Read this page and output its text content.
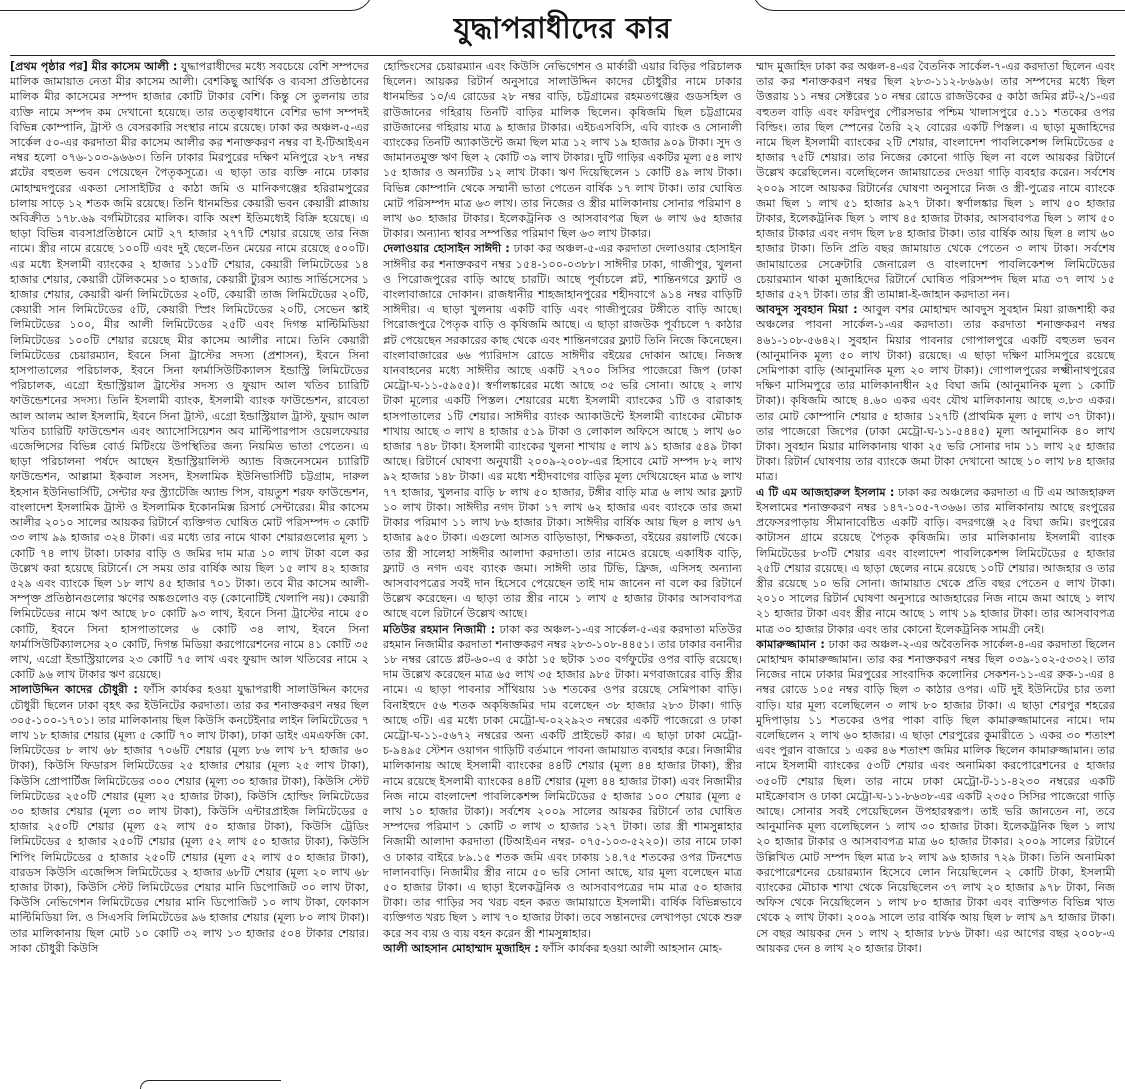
যুদ্ধাপরাধীদের কার

[প্রথম পৃষ্ঠার পর] মীর কাসেম আলী : যুদ্ধাপরাধীদের মধ্যে সবচেয়ে বেশি সম্পদের মালিক জামায়াত নেতা মীর কাসেম আলী। বেশকিছু আর্থিক ও ব্যবসা প্রতিষ্ঠানের মালিক মীর কাসেমের সম্পদ হাজার কোটি টাকার বেশি। কিন্তু সে তুলনায় তার ব্যক্তি নামে সম্পদ কম দেখানো হয়েছে। তার তত্ত্বাবধানে বেশির ভাগ সম্পদই বিভিন্ন কোম্পানি, ট্রাস্ট ও বেসরকারি সংস্থার নামে রয়েছে। ঢাকা কর অঞ্চল-৫-এর সার্কেল ৫০-এর করদাতা মীর কাসেম আলীর কর শনাক্তকরণ নম্বর বা ই-টিআইএন নম্বর হলো ০৭৬-১০৩-৯৬৬৩। তিনি ঢাকার মিরপুরের দক্ষিণ মনিপুরে ২৮৭ নম্বর প্লটের বহুতল ভবন পেয়েছেন পৈতৃকসূত্রে। এ ছাড়া তার ব্যক্তি নামে ঢাকার মোহাম্মদপুরের একতা সোসাইটির ৫ কাঠা জমি ও মানিকগঞ্জের হরিরামপুরের চালায় সাড়ে ১২ শতক জমি রয়েছে। তিনি ধানমন্ডির কেয়ারী ভবন কেয়ারী প্লাজায় অবিক্রীত ১৭৮.৬৯ বর্গমিটারের মালিক। বাকি অংশ ইতিমধ্যেই বিক্রি হয়েছে। এ ছাড়া বিভিন্ন ব্যবসাপ্রতিষ্ঠানে মোট ২৭ হাজার ২৭৭টি শেয়ার রয়েছে তার নিজ নামে। স্ত্রীর নামে রয়েছে ১০০টি এবং দুই ছেলে-তিন মেয়ের নামে রয়েছে ৫০০টি। এর মধ্যে ইসলামী ব্যাংকের ২ হাজার ১১৫টি শেয়ার, কেয়ারী লিমিটেডের ১৪ হাজার শেয়ার, কেয়ারী টেলিকমের ১০ হাজার, কেয়ারী ট্যুরস অ্যান্ড সার্ভিসেসের ১ হাজার শেয়ার, কেয়ারী ঝর্না লিমিটেডের ২০টি, কেয়ারী তাজ লিমিটেডের ২০টি, কেয়ারী সান লিমিটেডের ৫টি, কেয়ারী স্প্রিং লিমিটেডের ২০টি, সেভেন স্কাই লিমিটেডের ১০০, মীর আলী লিমিটেডের ২৫টি এবং দিগন্ত মাল্টিমিডিয়া লিমিটেডের ১০০টি শেয়ার রয়েছে মীর কাসেম আলীর নামে। তিনি কেয়ারী লিমিটেডের চেয়ারম্যান, ইবনে সিনা ট্রাস্টের সদস্য (প্রশাসন), ইবনে সিনা হাসপাতালের পরিচালক, ইবনে সিনা ফার্মাসিউটিক্যালস ইন্ডাস্ট্রি লিমিটেডের পরিচালক, এগ্রো ইন্ডাস্ট্রিয়াল ট্রাস্টের সদস্য ও ফুয়াদ আল খতিব চ্যারিটি ফাউন্ডেশনের সদস্য। তিনি ইসলামী ব্যাংক, ইসলামী ব্যাংক ফাউন্ডেশন, রাবেতা আল আলম আল ইসলামি, ইবনে সিনা ট্রাস্ট, এগ্রো ইন্ডাস্ট্রিয়াল ট্রাস্ট, ফুয়াদ আল খতিব চ্যারিটি ফাউন্ডেশন এবং অ্যাসোসিয়েশন অব মাল্টিপারপাস ওয়েলফেয়ার এজেন্সিসের বিভিন্ন বোর্ড মিটিংয়ে উপস্থিতির জন্য নিয়মিত ভাতা পেতেন। এ ছাড়া পরিচালনা পর্ষদে আছেন ইন্ডাস্ট্রিয়ালিস্ট অ্যান্ড বিজনেসমেন চ্যারিটি ফাউন্ডেশন, আল্লামা ইকবাল সংসদ, ইসলামিক ইউনিভার্সিটি চট্টগ্রাম, দারুল ইহসান ইউনিভার্সিটি, সেন্টার ফর স্ট্র্যাটেজি অ্যান্ড পিস, বায়তুশ শরফ ফাউন্ডেশন, বাংলাদেশ ইসলামিক ট্রাস্ট ও ইসলামিক ইকোনমিক্স রিসার্চ সেন্টারের। মীর কাসেম আলীর ২০১০ সালের আয়কর রিটার্নে ব্যক্তিগত ঘোষিত মোট পরিসম্পদ ৩ কোটি ৩৩ লাখ ৯৯ হাজার ৩২৪ টাকা। এর মধ্যে তার নামে থাকা শেয়ারগুলোর মূল্য ১ কোটি ৭৪ লাখ টাকা। ঢাকার বাড়ি ও জমির দাম মাত্র ১০ লাখ টাকা বলে কর উল্লেখ করা হয়েছে রিটার্নে। সে সময় তার বার্ষিক আয় ছিল ১৫ লাখ ৪২ হাজার ৫২৯ এবং ব্যাংকে ছিল ১৮ লাখ ৪৫ হাজার ৭০১ টাকা। তবে মীর কাসেম আলী-সম্পৃক্ত প্রতিষ্ঠানগুলোর ঋণের অঙ্কগুলোও বড় (কোনোটিই খেলাপি নয়)। কেয়ারী লিমিটেডের নামে ঋণ আছে ৮০ কোটি ৯৩ লাখ, ইবনে সিনা ট্রাস্টের নামে ৫০ কোটি, ইবনে সিনা হাসপাতালের ৬ কোটি ৩৪ লাখ, ইবনে সিনা ফার্মাসিউটিক্যালসের ২০ কোটি, দিগন্ত মিডিয়া করপোরেশনের নামে ৪১ কোটি ৩৫ লাখ, এগ্রো ইন্ডাস্ট্রিয়ালের ২৩ কোটি ৭৫ লাখ এবং ফুয়াদ আল খতিবের নামে ২ কোটি ৯৬ লাখ টাকার ঋণ রয়েছে।

সালাউদ্দিন কাদের চৌধুরী : ফাঁসি কার্যকর হওয়া যুদ্ধাপরাধী সালাউদ্দিন কাদের চৌধুরী ছিলেন ঢাকা বৃহৎ কর ইউনিটের করদাতা। তার কর শনাক্তকরণ নম্বর ছিল ৩০৫-১০০-১৭০১। তার মালিকানায় ছিল কিউসি কনটেইনার লাইন লিমিটেডের ৭ লাখ ১৮ হাজার শেয়ার (মূল্য ৫ কোটি ৭০ লাখ টাকা), ঢাকা ডাইং এমএফজি কো. লিমিটেডের ৮ লাখ ৬৮ হাজার ৭০৬টি শেয়ার (মূল্য ৮৬ লাখ ৮৭ হাজার ৬০ টাকা), কিউসি ফিডারস লিমিটেডের ২৫ হাজার শেয়ার (মূল্য ২৫ লাখ টাকা), কিউসি প্রোপার্টিজ লিমিটেডের ৩০০ শেয়ার (মূল্য ৩০ হাজার টাকা), কিউসি স্টেট লিমিটেডের ২৫০টি শেয়ার (মূল্য ২৫ হাজার টাকা), কিউসি হোল্ডিং লিমিটেডের ৩০ হাজার শেয়ার (মূল্য ৩০ লাখ টাকা), কিউসি এন্টারপ্রাইজ লিমিটেডের ৫ হাজার ২৫০টি শেয়ার (মূল্য ৫২ লাখ ৫০ হাজার টাকা), কিউসি ট্রেডিং লিমিটেডের ৫ হাজার ২৫০টি শেয়ার (মূল্য ৫২ লাখ ৫০ হাজার টাকা), কিউসি শিপিং লিমিটেডের ৫ হাজার ২৫০টি শেয়ার (মূল্য ৫২ লাখ ৫০ হাজার টাকা), বারডস কিউসি এজেন্সিস লিমিটেডের ২ হাজার ৬৮টি শেয়ার (মূল্য ২০ লাখ ৬৮ হাজার টাকা), কিউসি স্টেট লিমিটেডের শেয়ার মানি ডিপোজিট ৩০ লাখ টাকা, কিউসি নেভিগেশন লিমিটেডের শেয়ার মানি ডিপোজিট ১০ লাখ টাকা, ফোকাস মাল্টিমিডিয়া লি. ও সিএসবি লিমিটেডের ৯৬ হাজার শেয়ার (মূল্য ৮০ লাখ টাকা)। তার মালিকানায় ছিল মোট ১০ কোটি ৩২ লাখ ১৩ হাজার ৫০৪ টাকার শেয়ার। সাকা চৌধুরী কিউসি

হোল্ডিংসের চেয়ারম্যান এবং কিউসি নেভিগেশন ও মার্কারী এয়ার বিড়ির পরিচালক ছিলেন। আয়কর রিটার্ন অনুসারে সালাউদ্দিন কাদের চৌধুরীর নামে ঢাকার ধানমন্ডির ১০/এ রোডের ২৮ নম্বর বাড়ি, চট্টগ্রামের রহমতগঞ্জের গুডসহিল ও রাউজানের গহিরায় তিনটি বাড়ির মালিক ছিলেন। কৃষিজমি ছিল চট্টগ্রামের রাউজানের গহিরায় মাত্র ৯ হাজার টাকার। এইচএসবিসি, এবি ব্যাংক ও সোনালী ব্যাংকের তিনটি অ্যাকাউন্টে জমা ছিল মাত্র ১২ লাখ ১৯ হাজার ৯০৯ টাকা। সুদ ও জামানতমুক্ত ঋণ ছিল ২ কোটি ৩৯ লাখ টাকার। দুটি গাড়ির একটির মূল্য ৫৪ লাখ ১৫ হাজার ও অন্যটির ১২ লাখ টাকা। ঋণ দিয়েছিলেন ১ কোটি ৪৯ লাখ টাকা। বিভিন্ন কোম্পানি থেকে সম্মানী ভাতা পেতেন বার্ষিক ১৭ লাখ টাকা। তার ঘোষিত মোট পরিসম্পদ মাত্র ৬৩ লাখ। তার নিজের ও স্ত্রীর মালিকানায় সোনার পরিমাণ ৪ লাখ ৬০ হাজার টাকার। ইলেকট্রনিক ও আসবাবপত্র ছিল ৬ লাখ ৬৫ হাজার টাকার। অন্যান্য স্থাবর সম্পত্তির পরিমাণ ছিল ৬৩ লাখ টাকার।

দেলাওয়ার হোসাইন সাঈদী : ঢাকা কর অঞ্চল-৫-এর করদাতা দেলাওয়ার হোসাইন সাঈদীর কর শনাক্তকরণ নম্বর ১৫৪-১০০-০৩৮৮। সাঈদীর ঢাকা, গাজীপুর, খুলনা ও পিরোজপুরের বাড়ি আছে চারটি। আছে পূর্বাচলে প্লট, শান্তিনগরে ফ্ল্যাট ও বাংলাবাজারে দোকান। রাজধানীর শাহজাহানপুরের শহীদবাগে ৯১৪ নম্বর বাড়িটি সাঈদীর। এ ছাড়া খুলনায় একটি বাড়ি এবং গাজীপুরের টঙ্গীতে বাড়ি আছে। পিরোজপুরে পৈতৃক বাড়ি ও কৃষিজমি আছে। এ ছাড়া রাজউক পূর্বাচলে ৭ কাঠার প্লট পেয়েছেন সরকারের কাছ থেকে এবং শান্তিনগরের ফ্ল্যাট তিনি নিজে কিনেছেন। বাংলাবাজারের ৬৬ প্যারিদাস রোডে সাঈদীর বইয়ের দোকান আছে। নিজস্ব যানবাহনের মধ্যে সাঈদীর আছে একটি ২৭০০ সিসির পাজেরো জিপ (ঢাকা মেট্রো-ঘ-১১-৫৯৫৫)। স্বর্ণালঙ্কারের মধ্যে আছে ৩৫ ভরি সোনা। আছে ২ লাখ টাকা মূল্যের একটি পিস্তল। শেয়ারের মধ্যে ইসলামী ব্যাংকের ১টি ও বারাকাহ হাসপাতালের ১টি শেয়ার। সাঈদীর ব্যাংক অ্যাকাউন্টে ইসলামী ব্যাংকের মৌচাক শাখায় আছে ৩ লাখ ৪ হাজার ৫১৯ টাকা ও লোকাল অফিসে আছে ১ লাখ ৬০ হাজার ৭৪৮ টাকা। ইসলামী ব্যাংকের খুলনা শাখায় ৫ লাখ ৯১ হাজার ৫৪৯ টাকা আছে। রিটার্নে ঘোষণা অনুযায়ী ২০০৯-২০০৮-এর হিসাবে মোট সম্পদ ৮২ লাখ ৯২ হাজার ১৪৮ টাকা। এর মধ্যে শহীদবাগের বাড়ির মূল্য দেখিয়েছেন মাত্র ৬ লাখ ৭৭ হাজার, খুলনার বাড়ি ৮ লাখ ৫০ হাজার, টঙ্গীর বাড়ি মাত্র ৬ লাখ আর ফ্ল্যাট ১০ লাখ টাকা। সাঈদীর নগদ টাকা ১৭ লাখ ৬২ হাজার এবং ব্যাংকে তার জমা টাকার পরিমাণ ১১ লাখ ৮৬ হাজার টাকা। সাঈদীর বার্ষিক আয় ছিল ৪ লাখ ৬৭ হাজার ৯৫০ টাকা। এগুলো আসত বাড়িভাড়া, শিক্ষকতা, বইয়ের রয়ালটি থেকে। তার স্ত্রী সালেহা সাঈদীর আলাদা করদাতা। তার নামেও রয়েছে একাধিক বাড়ি, ফ্ল্যাট ও নগদ এবং ব্যাংক জমা। সাঈদী তার টিভি, ফ্রিজ, এসিসহ অন্যান্য আসবাবপত্রের সবই দান হিসেবে পেয়েছেন তাই দাম জানেন না বলে কর রিটার্নে উল্লেখ করেছেন। এ ছাড়া তার স্ত্রীর নামে ১ লাখ ৫ হাজার টাকার আসবাবপত্র আছে বলে রিটার্নে উল্লেখ আছে।

মতিউর রহমান নিজামী : ঢাকা কর অঞ্চল-১-এর সার্কেল-৫-এর করদাতা মতিউর রহমান নিজামীর করদাতা শনাক্তকরণ নম্বর ২৮৩-১০৮-৪৪৫১। তার ঢাকার বনানীর ১৮ নম্বর রোডে প্লট-৬০-এ ৫ কাঠা ১৫ ছটাক ১৩০ বর্গফুটের ওপর বাড়ি রয়েছে। দাম উল্লেখ করেছেন মাত্র ৬৫ লাখ ৩৫ হাজার ৯৮৫ টাকা। মগবাজারের বাড়ি স্ত্রীর নামে। এ ছাড়া পাবনার সাঁথিয়ায় ১৬ শতকের ওপর রয়েছে সেমিপাকা বাড়ি। বিনাইহুদে ৫৬ শতক অকৃষিজমির দাম বলেছেন ৩৮ হাজার ২৮৩ টাকা। গাড়ি আছে ৩টি। এর মধ্যে ঢাকা মেট্রো-ঘ-০২২৯২৩ নম্বরের একটি পাজেরো ও ঢাকা মেট্রো-ঘ-১১-৫৬৭২ নম্বরের অন্য একটি প্রাইভেট কার। এ ছাড়া ঢাকা মেট্রো-চ-৯৪৯৫ স্টেশন ওয়াগন গাড়িটি বর্তমানে পাবনা জামায়াত ব্যবহার করে। নিজামীর মালিকানায় আছে ইসলামী ব্যাংকের ৪৪টি শেয়ার (মূল্য ৪৪ হাজার টাকা), স্ত্রীর নামে রয়েছে ইসলামী ব্যাংকের ৪৪টি শেয়ার (মূল্য ৪৪ হাজার টাকা) এবং নিজামীর নিজ নামে বাংলাদেশ পাবলিকেশন্স লিমিটেডের ৫ হাজার ১০০ শেয়ার (মূল্য ৫ লাখ ১০ হাজার টাকা)। সর্বশেষ ২০০৯ সালের আয়কর রিটার্নে তার ঘোষিত সম্পদের পরিমাণ ১ কোটি ৩ লাখ ৩ হাজার ১২৭ টাকা। তার স্ত্রী শামসুন্নাহার নিজামী আলাদা করদাতা (টিআইএন নম্বর- ০৭৫-১০৩-৫২২০)। তার নামে ঢাকা ও ঢাকার বাইরে ৮৯.১৫ শতক জমি এবং ঢাকায় ১৪.৭৫ শতকের ওপর টিনশেড দালানবাড়ি। নিজামীর স্ত্রীর নামে ৫০ ভরি সোনা আছে, যার মূল্য বলেছেন মাত্র ৫০ হাজার টাকা। এ ছাড়া ইলেকট্রনিক ও আসবাবপত্রের দাম মাত্র ৫০ হাজার টাকা। তার গাড়ির সব খরচ বহন করত জামায়াতে ইসলামী। বার্ষিক বিভিন্নভাবে ব্যক্তিগত খরচ ছিল ১ লাখ ৭০ হাজার টাকা। তবে সন্তানদের লেখাপড়া থেকে শুরু করে সব ব্যয় ও ব্যয় বহন করেন স্ত্রী শামসুন্নাহার।

আলী আহসান মোহাম্মাদ মুজাহিদ : ফাঁসি কার্যকর হওয়া আলী আহসান মোহ-

ম্মাদ মুজাহিদ ঢাকা কর অঞ্চল-৪-এর বৈতনিক সার্কেল-৭-এর করদাতা ছিলেন এবং তার কর শনাক্তকরণ নম্বর ছিল ২৮৩-১১২-৮৬৯৬। তার সম্পদের মধ্যে ছিল উত্তরায় ১১ নম্বর সেক্টরের ১০ নম্বর রোডে রাজউকের ৫ কাঠা জমির প্লট-২/১-এর বহুতল বাড়ি এবং ফরিদপুর পৌরসভার পশ্চিম খালাসপুরে ৫.১১ শতকের ওপর বিল্ডিং। তার ছিল স্পেনের তৈরি ২২ বোরের একটি পিস্তল। এ ছাড়া মুজাহিদের নামে ছিল ইসলামী ব্যাংকের ২টি শেয়ার, বাংলাদেশ পাবলিকেশন্স লিমিটেডের ৫ হাজার ৭৫টি শেয়ার। তার নিজের কোনো গাড়ি ছিল না বলে আয়কর রিটার্নে উল্লেখ করেছিলেন। বলেছিলেন জামায়াতের দেওয়া গাড়ি ব্যবহার করেন। সর্বশেষ ২০০৯ সালে আয়কর রিটার্নের ঘোষণা অনুসারে নিজ ও স্ত্রী-পুত্রের নামে ব্যাংকে জমা ছিল ১ লাখ ৫১ হাজার ৯২৭ টাকা। স্বর্ণালঙ্কার ছিল ১ লাখ ৫০ হাজার টাকার, ইলেকট্রনিক ছিল ১ লাখ ৪৫ হাজার টাকার, আসবাবপত্র ছিল ১ লাখ ৫০ হাজার টাকার এবং নগদ ছিল ৮৪ হাজার টাকা। তার বার্ষিক আয় ছিল ৪ লাখ ৬০ হাজার টাকা। তিনি প্রতি বছর জামায়াত থেকে পেতেন ৩ লাখ টাকা। সর্বশেষ জামায়াতের সেক্রেটারি জেনারেল ও বাংলাদেশ পাবলিকেশন্স লিমিটেডের চেয়ারম্যান থাকা মুজাহিদের রিটার্নে ঘোষিত পরিসম্পদ ছিল মাত্র ৩৭ লাখ ১৫ হাজার ৫২৭ টাকা। তার স্ত্রী তামান্না-ই-জাহান করদাতা নন।

আবদুস সুবহান মিয়া : আবুল বশর মোহাম্মদ আবদুস সুবহান মিয়া রাজশাহী কর অঞ্চলের পাবনা সার্কেল-১-এর করদাতা। তার করদাতা শনাক্তকরণ নম্বর ৪৬১-১০৮-৫৬৪২। সুবহান মিয়ার পাবনার গোপালপুরে একটি বহুতল ভবন (আনুমানিক মূল্য ৫০ লাখ টাকা) রয়েছে। এ ছাড়া দক্ষিণ মাসিমপুরে রয়েছে সেমিপাকা বাড়ি (আনুমানিক মূল্য ২০ লাখ টাকা)। গোপালপুরের লক্ষ্মীনাথপুরের দক্ষিণ মাসিমপুরে তার মালিকানাধীন ২৫ বিঘা জমি (আনুমানিক মূল্য ১ কোটি টাকা)। কৃষিজমি আছে ৪.৬০ একর এবং যৌথ মালিকানায় আছে ৩.৮৩ একর। তার মোট কোম্পানি শেয়ার ৫ হাজার ১২৭টি (প্রাথমিক মূল্য ৫ লাখ ৩৭ টাকা)। তার পাজেরো জিপের (ঢাকা মেট্রো-ঘ-১১-৫৪৪৫) মূল্য আনুমানিক ৪০ লাখ টাকা। সুবহান মিয়ার মালিকানায় থাকা ২৫ ভরি সোনার দাম ১১ লাখ ২৫ হাজার টাকা। রিটার্ন ঘোষণায় তার ব্যাংকে জমা টাকা দেখানো আছে ১০ লাখ ৮৪ হাজার মাত্র।

এ টি এম আজহারুল ইসলাম : ঢাকা কর অঞ্চলের করদাতা এ টি এম আজহারুল ইসলামের শনাক্তকরণ নম্বর ১৪৭-১০৫-৭৩৬৬। তার মালিকানায় আছে রংপুরের প্রফেসরপাড়ায় সীমানাবেষ্টিত একটি বাড়ি। বদরগঞ্জে ২৫ বিঘা জমি। রংপুরের কাটাসন গ্রামে রয়েছে পৈতৃক কৃষিজমি। তার মালিকানায় ইসলামী ব্যাংক লিমিটেডের ৮৩টি শেয়ার এবং বাংলাদেশ পাবলিকেশন্স লিমিটেডের ৫ হাজার ২৫টি শেয়ার রয়েছে। এ ছাড়া ছেলের নামে রয়েছে ১০টি শেয়ার। আজহার ও তার স্ত্রীর রয়েছে ১০ ভরি সোনা। জামায়াত থেকে প্রতি বছর পেতেন ৫ লাখ টাকা। ২০১০ সালের রিটার্ন ঘোষণা অনুসারে আজহারের নিজ নামে জমা আছে ১ লাখ ২১ হাজার টাকা এবং স্ত্রীর নামে আছে ১ লাখ ১৯ হাজার টাকা। তার আসবাবপত্র মাত্র ৩০ হাজার টাকার এবং তার কোনো ইলেকট্রনিক সামগ্রী নেই।

কামারুজ্জামান : ঢাকা কর অঞ্চল-২-এর অবৈতনিক সার্কেল-৪-এর করদাতা ছিলেন মোহাম্মদ কামারুজ্জামান। তার কর শনাক্তকরণ নম্বর ছিল ০৩৯-১০২-৫৩৩২। তার নিজের নামে ঢাকার মিরপুরের সাংবাদিক কলোনির সেকশন-১১-এর রুক-১-এর ৪ নম্বর রোডে ১০৫ নম্বর বাড়ি ছিল ৩ কাঠার ওপর। এটি দুই ইউনিটের চার তলা বাড়ি। যার মূল্য বলেছিলেন ৩ লাখ ৮০ হাজার টাকা। এ ছাড়া শেরপুর শহরের মুদিপাড়ায় ১১ শতকের ওপর পাকা বাড়ি ছিল কামারুজ্জামানের নামে। দাম বলেছিলেন ২ লাখ ৬০ হাজার। এ ছাড়া শেরপুরের কুমারীতে ১ একর ৩০ শতাংশ এবং পুরান বাজারে ১ একর ৪৬ শতাংশ জমির মালিক ছিলেন কামারুজ্জামান। তার নামে ইসলামী ব্যাংকের ৫৩টি শেয়ার এবং অনামিকা করপোরেশনের ৫ হাজার ৩৫০টি শেয়ার ছিল। তার নামে ঢাকা মেট্রো-ট-১১-৪২৩০ নম্বরের একটি মাইক্রোবাস ও ঢাকা মেট্রো-ঘ-১১-৮৬৩৮-এর একটি ২৩৫০ সিসির পাজেরো গাড়ি আছে। সোনার সবই পেয়েছিলেন উপহারস্বরূপ। তাই ভরি জানতেন না, তবে আনুমানিক মূল্য বলেছিলেন ১ লাখ ৩০ হাজার টাকা। ইলেকট্রনিক ছিল ১ লাখ ২০ হাজার টাকার ও আসবাবপত্র মাত্র ৬০ হাজার টাকার। ২০০৯ সালের রিটার্নে উল্লিখিত মোট সম্পদ ছিল মাত্র ৮২ লাখ ৯৬ হাজার ৭২৯ টাকা। তিনি অনামিকা করপোরেশনের চেয়ারম্যান হিসেবে লোন নিয়েছিলেন ২ কোটি টাকা, ইসলামী ব্যাংকের মৌচাক শাখা থেকে নিয়েছিলেন ৩৭ লাখ ২০ হাজার ৯৭৮ টাকা, নিজ অফিস থেকে নিয়েছিলেন ১ লাখ ৮০ হাজার টাকা এবং ব্যক্তিগত বিভিন্ন খাত থেকে ২ লাখ টাকা। ২০০৯ সালে তার বার্ষিক আয় ছিল ৮ লাখ ৯৭ হাজার টাকা। সে বছর আয়কর দেন ১ লাখ ২ হাজার ৮৮৬ টাকা। এর আগের বছর ২০০৮-এ আয়কর দেন ৪ লাখ ২০ হাজার টাকা।
